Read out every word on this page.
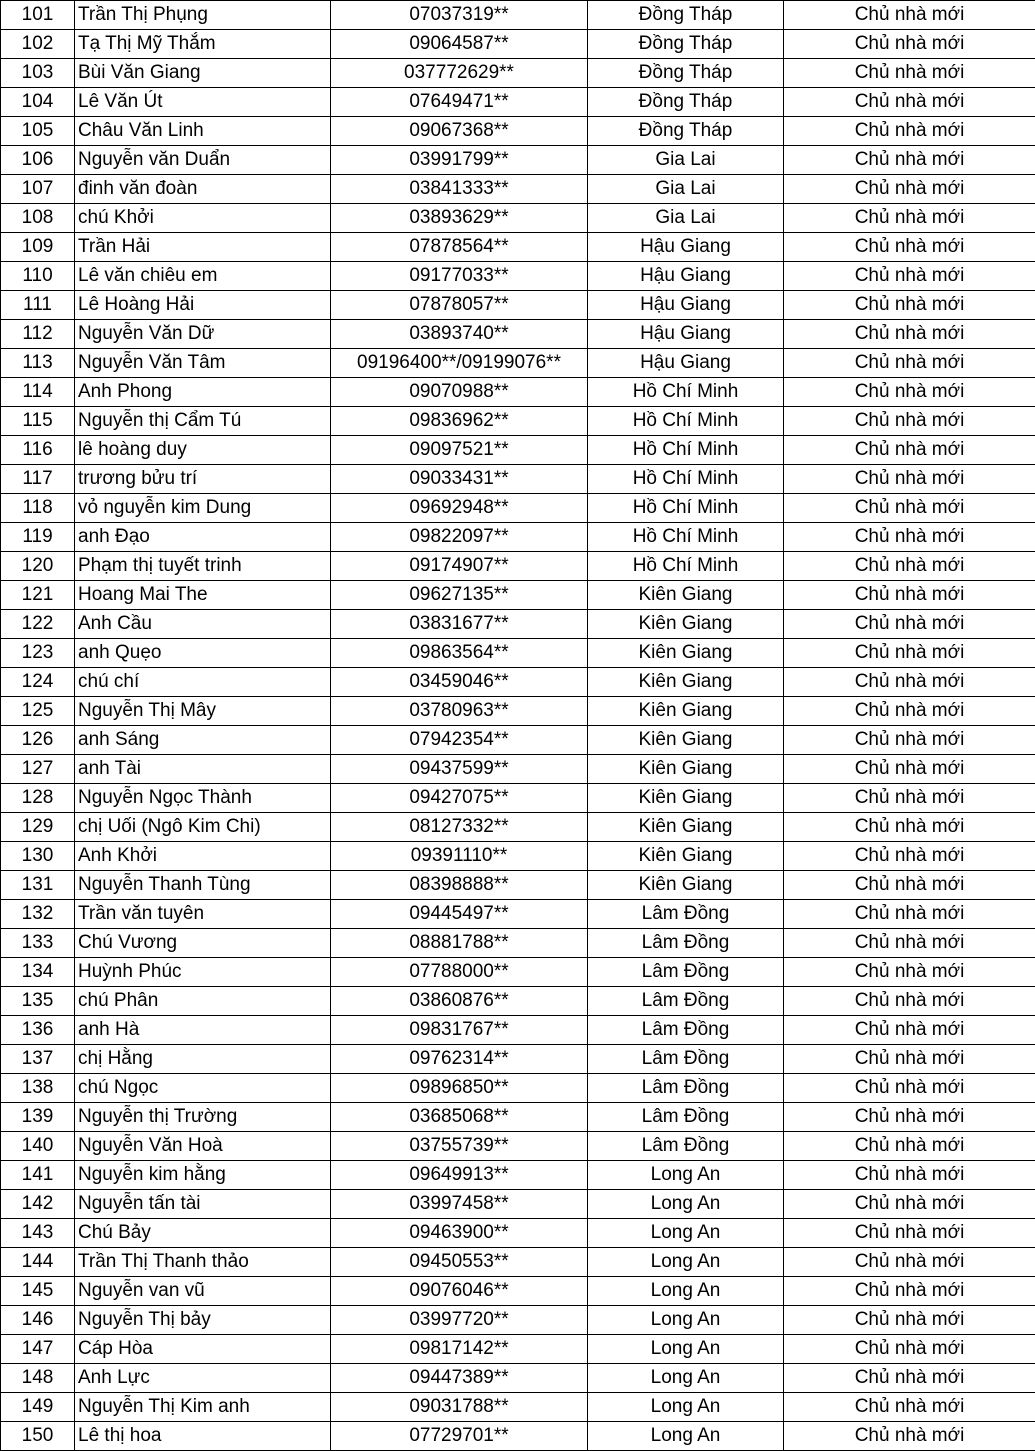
101	Trần Thị Phụng	07037319**	Đồng Tháp	Chủ nhà mới
102	Tạ Thị Mỹ Thắm	09064587**	Đồng Tháp	Chủ nhà mới
103	Bùi Văn Giang	037772629**	Đồng Tháp	Chủ nhà mới
104	Lê Văn Út	07649471**	Đồng Tháp	Chủ nhà mới
105	Châu Văn Linh	09067368**	Đồng Tháp	Chủ nhà mới
106	Nguyễn văn Duẩn	03991799**	Gia Lai	Chủ nhà mới
107	đinh văn đoàn	03841333**	Gia Lai	Chủ nhà mới
108	chú Khởi	03893629**	Gia Lai	Chủ nhà mới
109	Trần Hải	07878564**	Hậu Giang	Chủ nhà mới
110	Lê văn chiêu em	09177033**	Hậu Giang	Chủ nhà mới
111	Lê Hoàng Hải	07878057**	Hậu Giang	Chủ nhà mới
112	Nguyễn Văn Dữ	03893740**	Hậu Giang	Chủ nhà mới
113	Nguyễn Văn Tâm	09196400**/09199076**	Hậu Giang	Chủ nhà mới
114	Anh Phong	09070988**	Hồ Chí Minh	Chủ nhà mới
115	Nguyễn thị Cẩm Tú	09836962**	Hồ Chí Minh	Chủ nhà mới
116	lê hoàng duy	09097521**	Hồ Chí Minh	Chủ nhà mới
117	trương bửu trí	09033431**	Hồ Chí Minh	Chủ nhà mới
118	vỏ nguyễn kim Dung	09692948**	Hồ Chí Minh	Chủ nhà mới
119	anh Đạo	09822097**	Hồ Chí Minh	Chủ nhà mới
120	Phạm thị tuyết trinh	09174907**	Hồ Chí Minh	Chủ nhà mới
121	Hoang Mai The	09627135**	Kiên Giang	Chủ nhà mới
122	Anh Cầu	03831677**	Kiên Giang	Chủ nhà mới
123	anh Quẹo	09863564**	Kiên Giang	Chủ nhà mới
124	chú chí	03459046**	Kiên Giang	Chủ nhà mới
125	Nguyễn Thị Mây	03780963**	Kiên Giang	Chủ nhà mới
126	anh Sáng	07942354**	Kiên Giang	Chủ nhà mới
127	anh Tài	09437599**	Kiên Giang	Chủ nhà mới
128	Nguyễn Ngọc Thành	09427075**	Kiên Giang	Chủ nhà mới
129	chị Uối (Ngô Kim Chi)	08127332**	Kiên Giang	Chủ nhà mới
130	Anh Khởi	09391110**	Kiên Giang	Chủ nhà mới
131	Nguyễn Thanh Tùng	08398888**	Kiên Giang	Chủ nhà mới
132	Trần văn tuyên	09445497**	Lâm Đồng	Chủ nhà mới
133	Chú Vương	08881788**	Lâm Đồng	Chủ nhà mới
134	Huỳnh Phúc	07788000**	Lâm Đồng	Chủ nhà mới
135	chú Phân	03860876**	Lâm Đồng	Chủ nhà mới
136	anh Hà	09831767**	Lâm Đồng	Chủ nhà mới
137	chị Hằng	09762314**	Lâm Đồng	Chủ nhà mới
138	chú Ngọc	09896850**	Lâm Đồng	Chủ nhà mới
139	Nguyễn thị Trường	03685068**	Lâm Đồng	Chủ nhà mới
140	Nguyễn Văn Hoà	03755739**	Lâm Đồng	Chủ nhà mới
141	Nguyễn kim hằng	09649913**	Long An	Chủ nhà mới
142	Nguyễn tấn tài	03997458**	Long An	Chủ nhà mới
143	Chú Bảy	09463900**	Long An	Chủ nhà mới
144	Trần Thị Thanh thảo	09450553**	Long An	Chủ nhà mới
145	Nguyễn van vũ	09076046**	Long An	Chủ nhà mới
146	Nguyễn Thị bảy	03997720**	Long An	Chủ nhà mới
147	Cáp Hòa	09817142**	Long An	Chủ nhà mới
148	Anh Lực	09447389**	Long An	Chủ nhà mới
149	Nguyễn Thị Kim anh	09031788**	Long An	Chủ nhà mới
150	Lê thị hoa	07729701**	Long An	Chủ nhà mới
